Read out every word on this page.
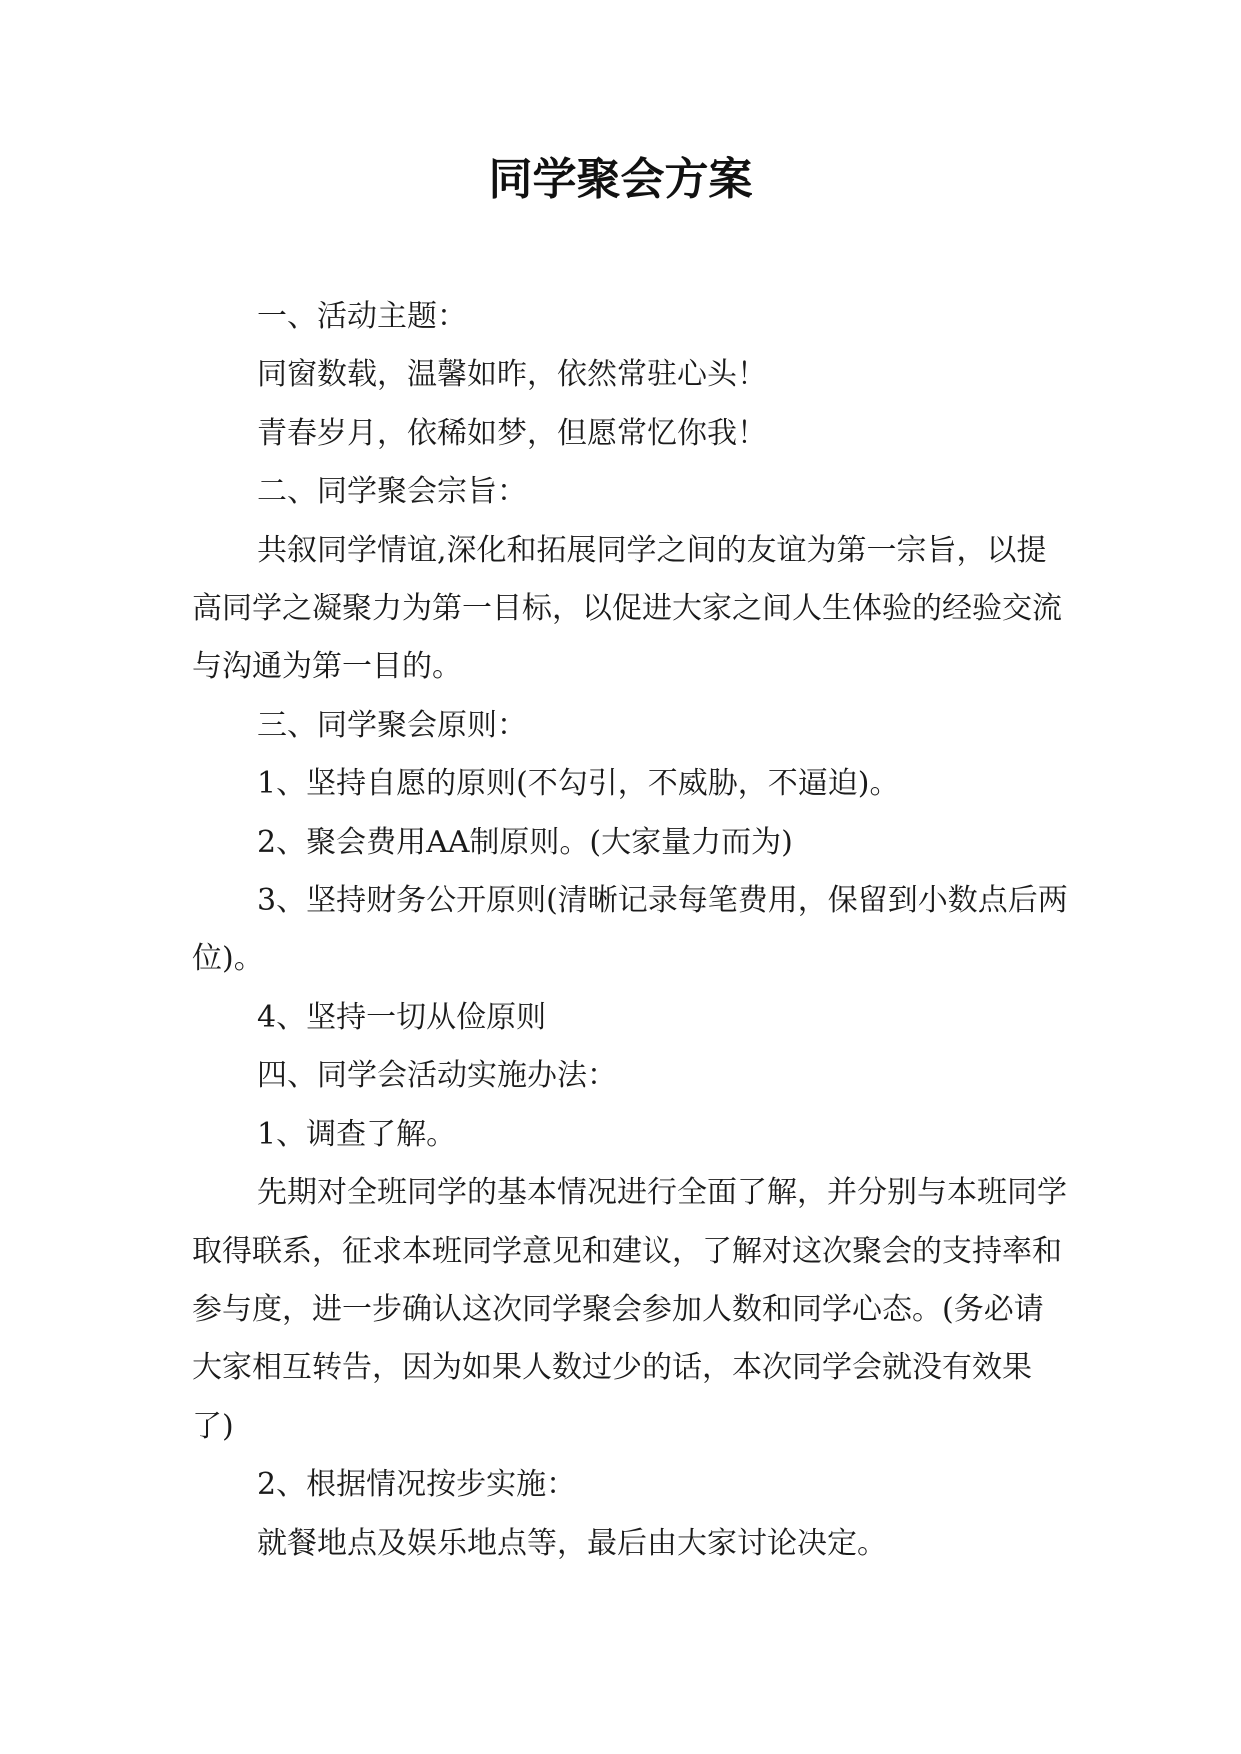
同学聚会方案

一、活动主题：

同窗数载，温馨如昨，依然常驻心头！

青春岁月，依稀如梦，但愿常忆你我！

二、同学聚会宗旨：

共叙同学情谊,深化和拓展同学之间的友谊为第一宗旨，以提高同学之凝聚力为第一目标，以促进大家之间人生体验的经验交流与沟通为第一目的。

三、同学聚会原则：

1、坚持自愿的原则(不勾引，不威胁，不逼迫)。

2、聚会费用AA制原则。(大家量力而为)

3、坚持财务公开原则(清晰记录每笔费用，保留到小数点后两位)。

4、坚持一切从俭原则

四、同学会活动实施办法：

1、调查了解。

先期对全班同学的基本情况进行全面了解，并分别与本班同学取得联系，征求本班同学意见和建议，了解对这次聚会的支持率和参与度，进一步确认这次同学聚会参加人数和同学心态。(务必请大家相互转告，因为如果人数过少的话，本次同学会就没有效果了)

2、根据情况按步实施：

就餐地点及娱乐地点等，最后由大家讨论决定。
